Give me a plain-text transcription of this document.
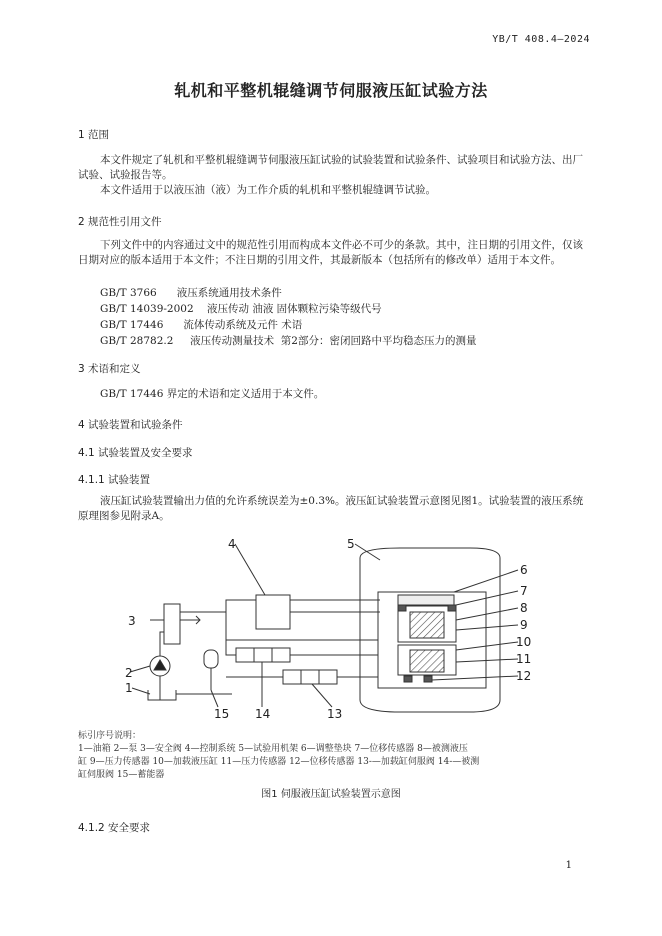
YB/T 408.4—2024
轧机和平整机辊缝调节伺服液压缸试验方法
1 范围
本文件规定了轧机和平整机辊缝调节伺服液压缸试验的试验装置和试验条件、试验项目和试验方法、出厂试验、试验报告等。
本文件适用于以液压油（液）为工作介质的轧机和平整机辊缝调节试验。
2 规范性引用文件
下列文件中的内容通过文中的规范性引用而构成本文件必不可少的条款。其中，注日期的引用文件，仅该日期对应的版本适用于本文件；不注日期的引用文件，其最新版本（包括所有的修改单）适用于本文件。
GB/T 3766      液压系统通用技术条件
GB/T 14039-2002    液压传动 油液 固体颗粒污染等级代号
GB/T 17446      流体传动系统及元件 术语
GB/T 28782.2     液压传动测量技术  第2部分：密闭回路中平均稳态压力的测量
3 术语和定义
GB/T 17446 界定的术语和定义适用于本文件。
4 试验装置和试验条件
4.1 试验装置及安全要求
4.1.1 试验装置
液压缸试验装置输出力值的允许系统误差为±0.3%。液压缸试验装置示意图见图1。试验装置的液压系统原理图参见附录A。
1
2
3
4	5
6
7
8
9
10
11
12
13
14
15
标引序号说明：
1—油箱 2—泵 3—安全阀 4—控制系统 5—试验用机架 6—调整垫块 7—位移传感器 8—被测液压
缸 9—压力传感器 10—加载液压缸 11—压力传感器 12—位移传感器 13-—加载缸伺服阀 14-—被测
缸伺服阀 15—蓄能器
图1 伺服液压缸试验装置示意图
4.1.2 安全要求
1
